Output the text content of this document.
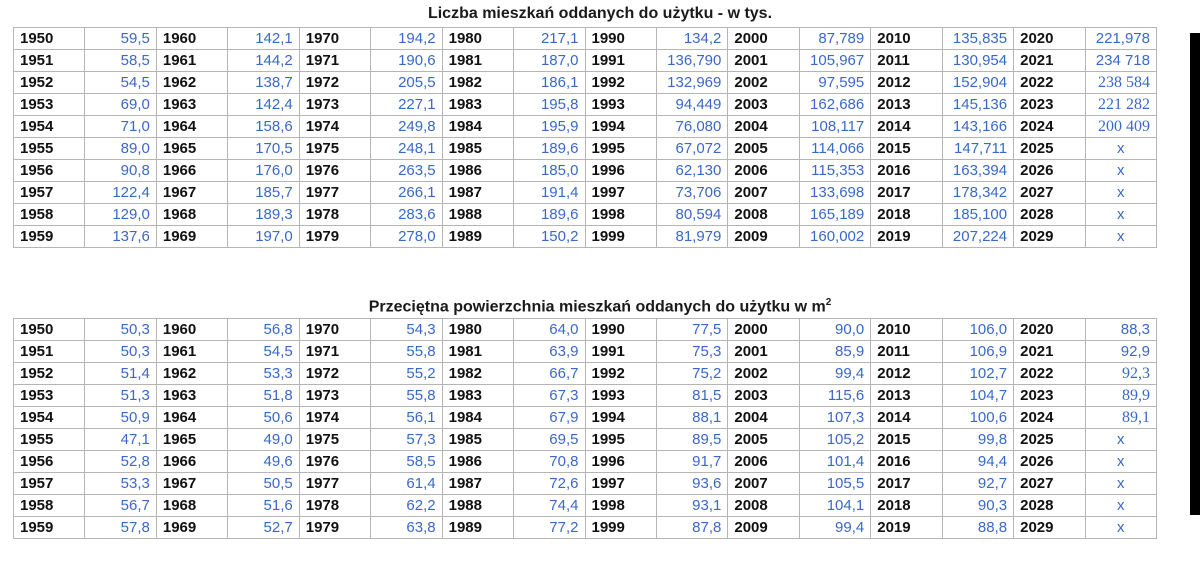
Liczba mieszkań oddanych do użytku - w tys.
1950	59,5	1960	142,1	1970	194,2	1980	217,1	1990	134,2	2000	87,789	2010	135,835	2020	221,978
1951	58,5	1961	144,2	1971	190,6	1981	187,0	1991	136,790	2001	105,967	2011	130,954	2021	234 718
1952	54,5	1962	138,7	1972	205,5	1982	186,1	1992	132,969	2002	97,595	2012	152,904	2022	238 584
1953	69,0	1963	142,4	1973	227,1	1983	195,8	1993	94,449	2003	162,686	2013	145,136	2023	221 282
1954	71,0	1964	158,6	1974	249,8	1984	195,9	1994	76,080	2004	108,117	2014	143,166	2024	200 409
1955	89,0	1965	170,5	1975	248,1	1985	189,6	1995	67,072	2005	114,066	2015	147,711	2025	x
1956	90,8	1966	176,0	1976	263,5	1986	185,0	1996	62,130	2006	115,353	2016	163,394	2026	x
1957	122,4	1967	185,7	1977	266,1	1987	191,4	1997	73,706	2007	133,698	2017	178,342	2027	x
1958	129,0	1968	189,3	1978	283,6	1988	189,6	1998	80,594	2008	165,189	2018	185,100	2028	x
1959	137,6	1969	197,0	1979	278,0	1989	150,2	1999	81,979	2009	160,002	2019	207,224	2029	x
Przeciętna powierzchnia mieszkań oddanych do użytku w $m^2$
1950	50,3	1960	56,8	1970	54,3	1980	64,0	1990	77,5	2000	90,0	2010	106,0	2020	88,3
1951	50,3	1961	54,5	1971	55,8	1981	63,9	1991	75,3	2001	85,9	2011	106,9	2021	92,9
1952	51,4	1962	53,3	1972	55,2	1982	66,7	1992	75,2	2002	99,4	2012	102,7	2022	92,3
1953	51,3	1963	51,8	1973	55,8	1983	67,3	1993	81,5	2003	115,6	2013	104,7	2023	89,9
1954	50,9	1964	50,6	1974	56,1	1984	67,9	1994	88,1	2004	107,3	2014	100,6	2024	89,1
1955	47,1	1965	49,0	1975	57,3	1985	69,5	1995	89,5	2005	105,2	2015	99,8	2025	x
1956	52,8	1966	49,6	1976	58,5	1986	70,8	1996	91,7	2006	101,4	2016	94,4	2026	x
1957	53,3	1967	50,5	1977	61,4	1987	72,6	1997	93,6	2007	105,5	2017	92,7	2027	x
1958	56,7	1968	51,6	1978	62,2	1988	74,4	1998	93,1	2008	104,1	2018	90,3	2028	x
1959	57,8	1969	52,7	1979	63,8	1989	77,2	1999	87,8	2009	99,4	2019	88,8	2029	x
